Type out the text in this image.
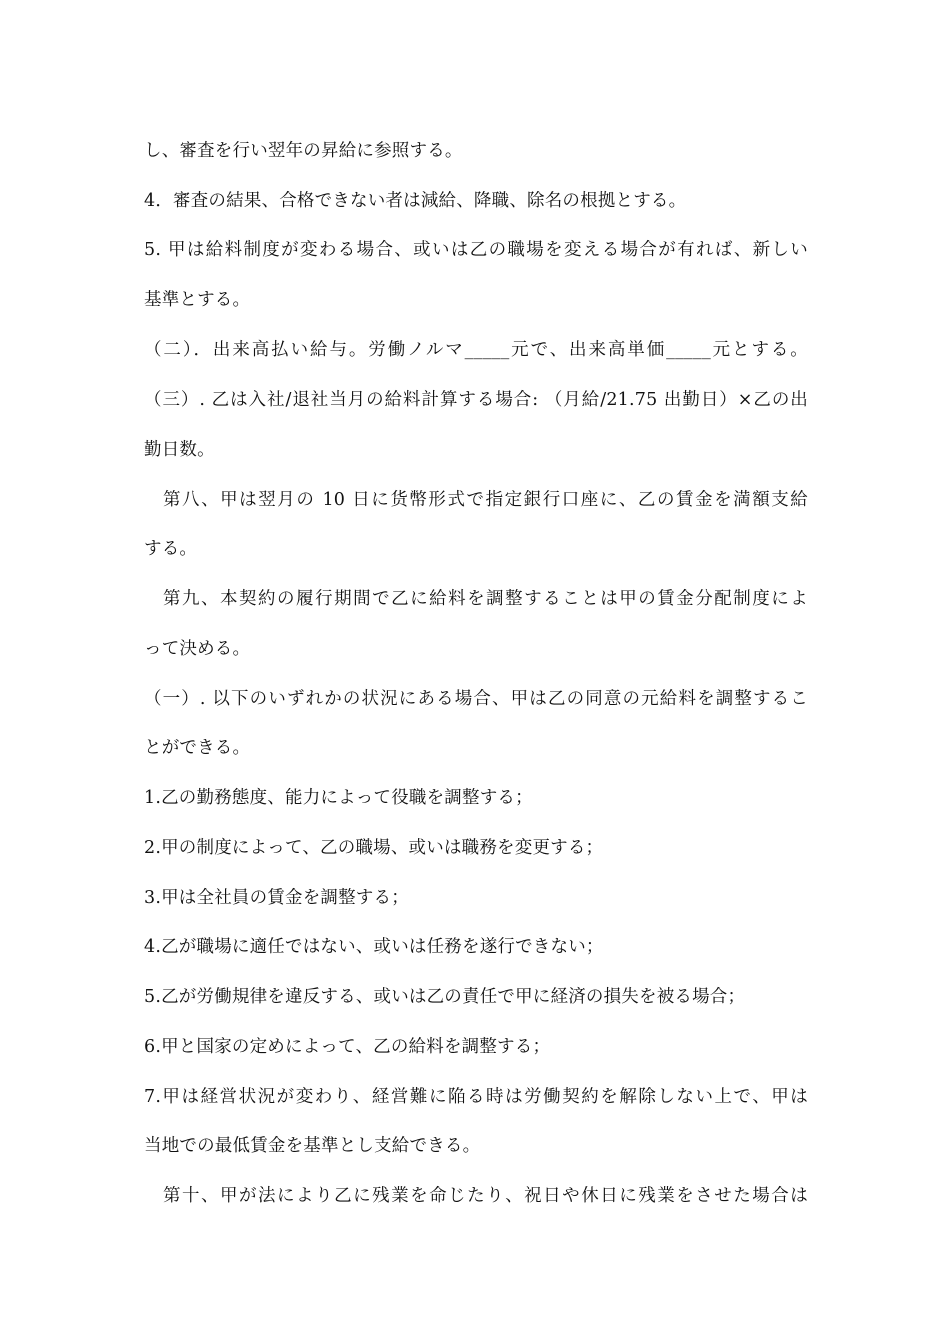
し、審査を行い翌年の昇給に参照する。
4．審査の結果、合格できない者は減給、降職、除名の根拠とする。
5. 甲は給料制度が変わる場合、或いは乙の職場を変える場合が有れば、新しい
基準とする。
（二）．出来高払い給与。労働ノルマ_____元で、出来高単価_____元とする。
（三）. 乙は入社/退社当月の給料計算する場合: （月給/21.75 出勤日）×乙の出
勤日数。
第八、甲は翌月の 10 日に货幣形式で指定銀行口座に、乙の賃金を満額支給
する。
第九、本契約の履行期間で乙に給料を調整することは甲の賃金分配制度によ
って決める。
（一）. 以下のいずれかの状況にある場合、甲は乙の同意の元給料を調整するこ
とができる。
1.乙の勤務態度、能力によって役職を調整する；
2.甲の制度によって、乙の職場、或いは職務を変更する；
3.甲は全社員の賃金を調整する；
4.乙が職場に適任ではない、或いは任務を遂行できない；
5.乙が労働規律を違反する、或いは乙の責任で甲に経済の損失を被る場合；
6.甲と国家の定めによって、乙の給料を調整する；
7.甲は経営状況が変わり、経営難に陥る時は労働契約を解除しない上で、甲は
当地での最低賃金を基準とし支給できる。
第十、甲が法により乙に残業を命じたり、祝日や休日に残業をさせた場合は
